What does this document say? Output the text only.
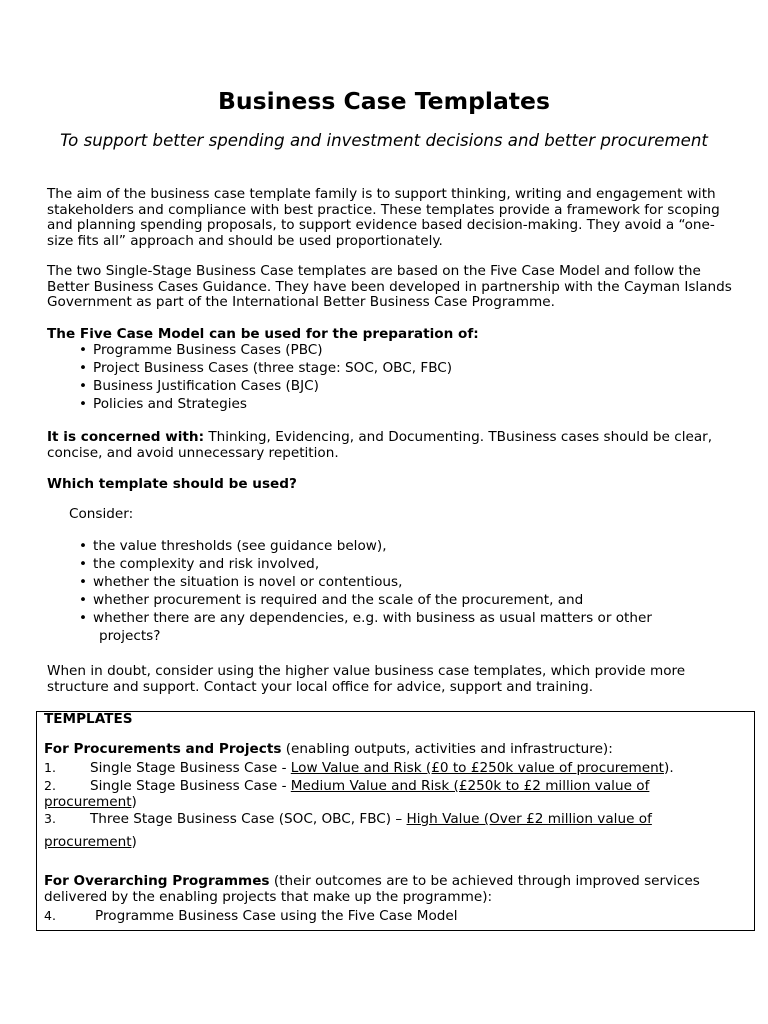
Business Case Templates
To support better spending and investment decisions and better procurement

The aim of the business case template family is to support thinking, writing and engagement with stakeholders and compliance with best practice. These templates provide a framework for scoping and planning spending proposals, to support evidence based decision-making. They avoid a “one-size fits all” approach and should be used proportionately.

The two Single-Stage Business Case templates are based on the Five Case Model and follow the Better Business Cases Guidance. They have been developed in partnership with the Cayman Islands Government as part of the International Better Business Case Programme.

The Five Case Model can be used for the preparation of:

• Programme Business Cases (PBC)
• Project Business Cases (three stage: SOC, OBC, FBC)
• Business Justification Cases (BJC)
• Policies and Strategies

It is concerned with: Thinking, Evidencing, and Documenting. TBusiness cases should be clear, concise, and avoid unnecessary repetition.

Which template should be used?

Consider:

• the value thresholds (see guidance below),
• the complexity and risk involved,
• whether the situation is novel or contentious,
• whether procurement is required and the scale of the procurement, and
• whether there are any dependencies, e.g. with business as usual matters or other
projects?

When in doubt, consider using the higher value business case templates, which provide more structure and support. Contact your local office for advice, support and training.

TEMPLATES

For Procurements and Projects (enabling outputs, activities and infrastructure):

1.	Single Stage Business Case - Low Value and Risk (£0 to £250k value of procurement).

2.	Single Stage Business Case - Medium Value and Risk (£250k to £2 million value of procurement)

3.	Three Stage Business Case (SOC, OBC, FBC) – High Value (Over £2 million value of

procurement)

For Overarching Programmes (their outcomes are to be achieved through improved services delivered by the enabling projects that make up the programme):

4.	Programme Business Case using the Five Case Model
